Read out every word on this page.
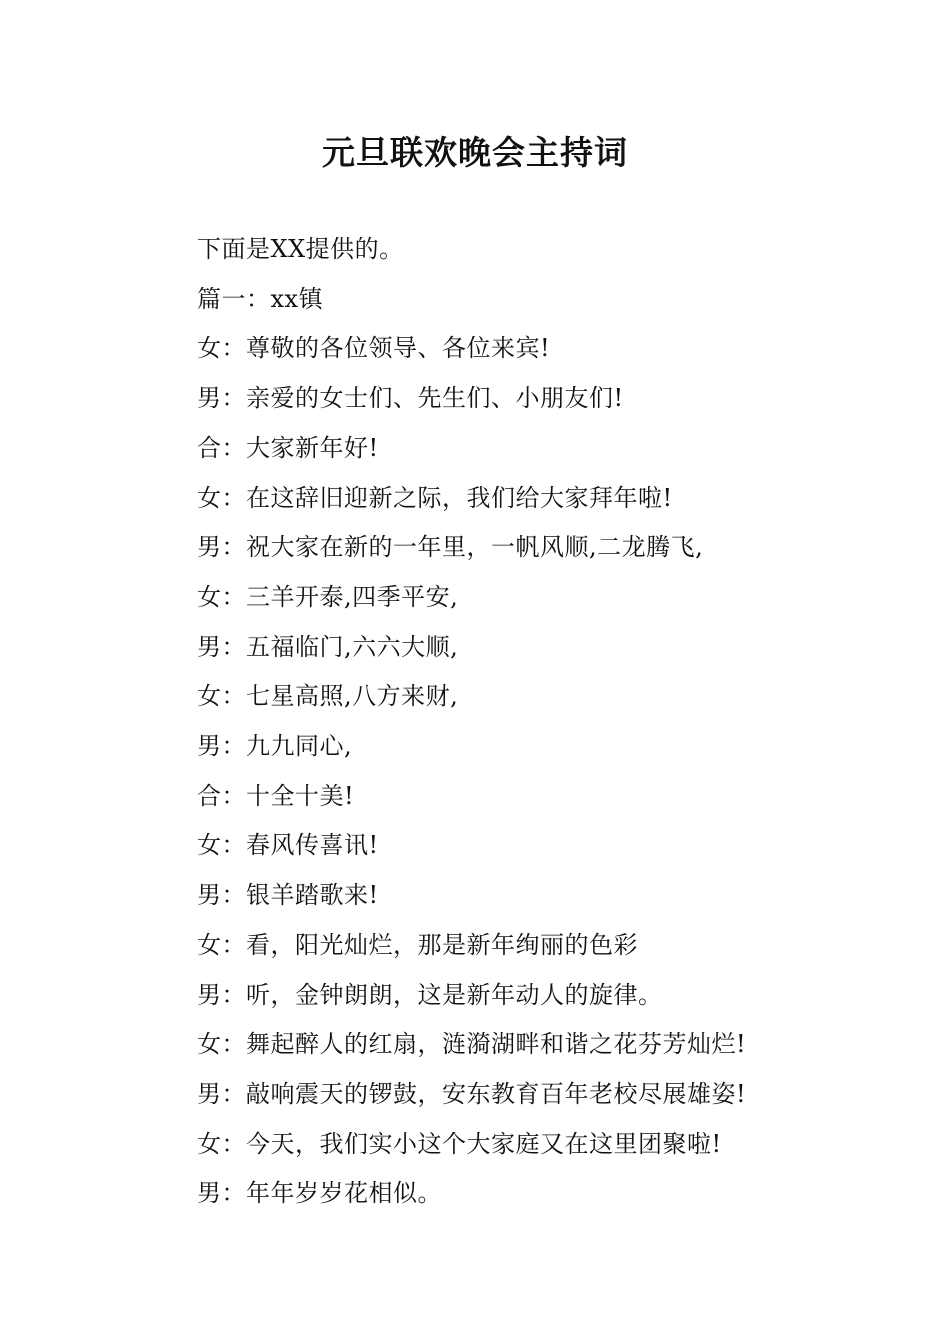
元旦联欢晚会主持词
下面是XX提供的。
篇一：xx镇
女：尊敬的各位领导、各位来宾!
男：亲爱的女士们、先生们、小朋友们!
合：大家新年好!
女：在这辞旧迎新之际，我们给大家拜年啦!
男：祝大家在新的一年里，一帆风顺,二龙腾飞,
女：三羊开泰,四季平安,
男：五福临门,六六大顺,
女：七星高照,八方来财,
男：九九同心,
合：十全十美!
女：春风传喜讯!
男：银羊踏歌来!
女：看，阳光灿烂，那是新年绚丽的色彩
男：听，金钟朗朗，这是新年动人的旋律。
女：舞起醉人的红扇，涟漪湖畔和谐之花芬芳灿烂!
男：敲响震天的锣鼓，安东教育百年老校尽展雄姿!
女：今天，我们实小这个大家庭又在这里团聚啦!
男：年年岁岁花相似。
